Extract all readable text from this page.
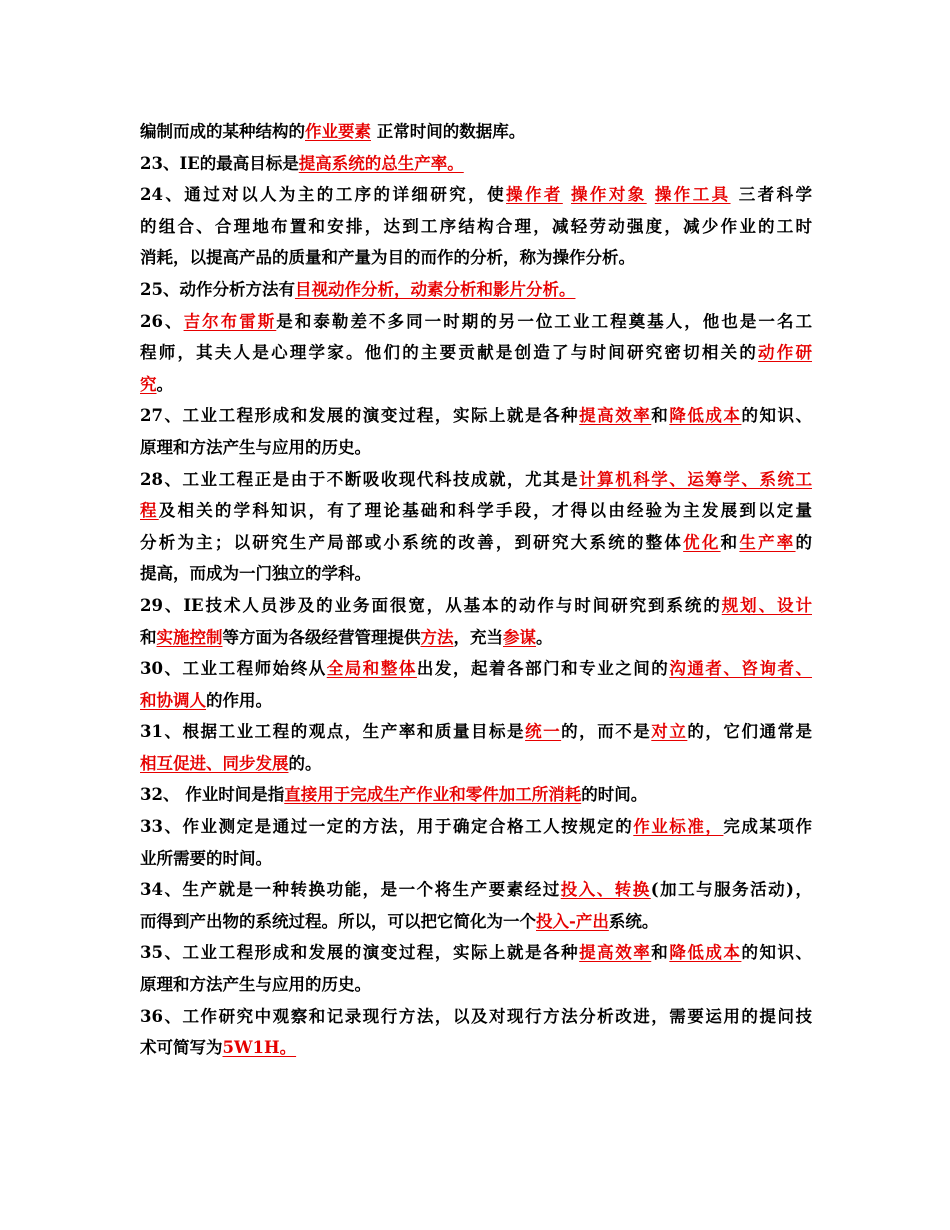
编制而成的某种结构的作业要素 正常时间的数据库。
23、IE的最高目标是提高系统的总生产率。
24、通过对以人为主的工序的详细研究，使操作者 操作对象 操作工具 三者科学
的组合、合理地布置和安排，达到工序结构合理，减轻劳动强度，减少作业的工时
消耗，以提高产品的质量和产量为目的而作的分析，称为操作分析。
25、动作分析方法有目视动作分析，动素分析和影片分析。
26、吉尔布雷斯是和泰勒差不多同一时期的另一位工业工程奠基人，他也是一名工
程师，其夫人是心理学家。他们的主要贡献是创造了与时间研究密切相关的动作研
究。
27、工业工程形成和发展的演变过程，实际上就是各种提高效率和降低成本的知识、
原理和方法产生与应用的历史。
28、工业工程正是由于不断吸收现代科技成就，尤其是计算机科学、运筹学、系统工
程及相关的学科知识，有了理论基础和科学手段，才得以由经验为主发展到以定量
分析为主；以研究生产局部或小系统的改善，到研究大系统的整体优化和生产率的
提高，而成为一门独立的学科。
29、IE技术人员涉及的业务面很宽，从基本的动作与时间研究到系统的规划、设计
和实施控制等方面为各级经营管理提供方法，充当参谋。
30、工业工程师始终从全局和整体出发，起着各部门和专业之间的沟通者、咨询者、
和协调人的作用。
31、根据工业工程的观点，生产率和质量目标是统一的，而不是对立的，它们通常是
相互促进、同步发展的。
32、 作业时间是指直接用于完成生产作业和零件加工所消耗的时间。
33、作业测定是通过一定的方法，用于确定合格工人按规定的作业标准，完成某项作
业所需要的时间。
34、生产就是一种转换功能，是一个将生产要素经过投入、转换(加工与服务活动)，
而得到产出物的系统过程。所以，可以把它简化为一个投入-产出系统。
35、工业工程形成和发展的演变过程，实际上就是各种提高效率和降低成本的知识、
原理和方法产生与应用的历史。
36、工作研究中观察和记录现行方法，以及对现行方法分析改进，需要运用的提问技
术可简写为5W1H。
